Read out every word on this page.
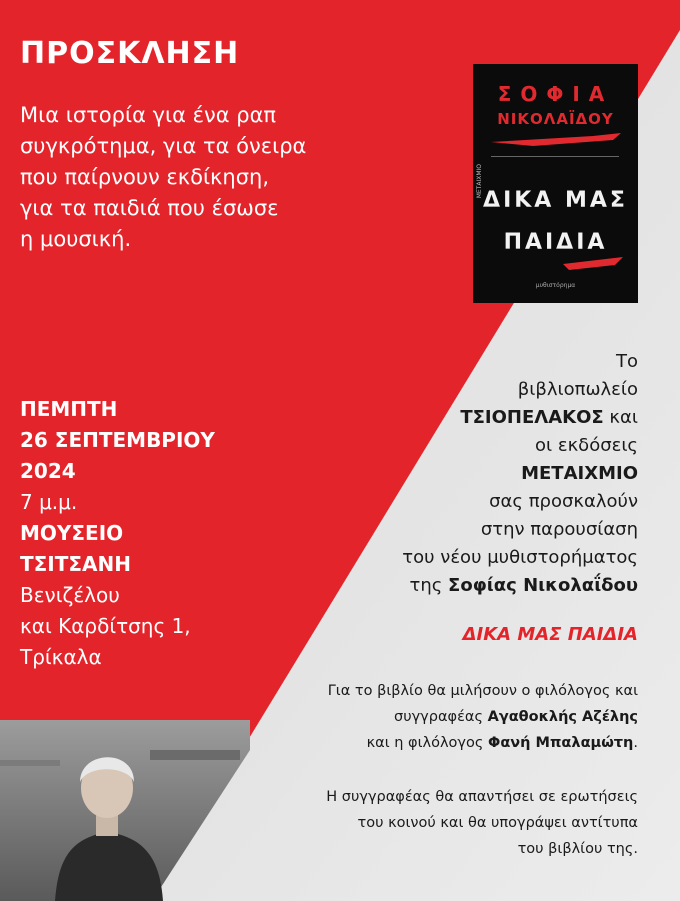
ΠΡΟΣΚΛΗΣΗ
Μια ιστορία για ένα ραπ
συγκρότημα, για τα όνειρα
που παίρνουν εκδίκηση,
για τα παιδιά που έσωσε
η μουσική.
ΠΕΜΠΤΗ
26 ΣΕΠΤΕΜΒΡΙΟΥ
2024
7 μ.μ.
ΜΟΥΣΕΙΟ
ΤΣΙΤΣΑΝΗ
Βενιζέλου
και Καρδίτσης 1,
Τρίκαλα
ΣΟΦΙΑ
ΝΙΚΟΛΑΪΔΟΥ
ΜΕΤΑΙΧΜΙΟ
ΔΙΚΑ ΜΑΣ
ΠΑΙΔΙΑ
μυθιστόρημα
Το
βιβλιοπωλείο
ΤΣΙΟΠΕΛΑΚΟΣ και
οι εκδόσεις
ΜΕΤΑΙΧΜΙΟ
σας προσκαλούν
στην παρουσίαση
του νέου μυθιστορήματος
της Σοφίας Νικολαΐδου
ΔΙΚΑ ΜΑΣ ΠΑΙΔΙΑ
Για το βιβλίο θα μιλήσουν ο φιλόλογος και
συγγραφέας Αγαθοκλής Αζέλης
και η φιλόλογος Φανή Μπαλαμώτη.
Η συγγραφέας θα απαντήσει σε ερωτήσεις
του κοινού και θα υπογράψει αντίτυπα
του βιβλίου της.
